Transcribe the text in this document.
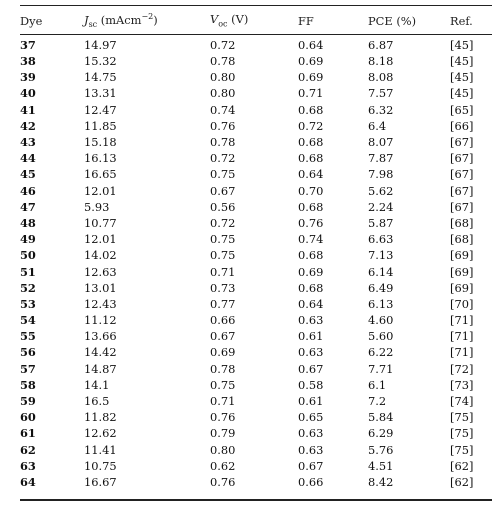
Dye	$J_{sc}$ (mAcm$^{-2}$)	$V_{oc}$ (V)	FF	PCE (%)	Ref.
37	14.97	0.72	0.64	6.87	[45]
38	15.32	0.78	0.69	8.18	[45]
39	14.75	0.80	0.69	8.08	[45]
40	13.31	0.80	0.71	7.57	[45]
41	12.47	0.74	0.68	6.32	[65]
42	11.85	0.76	0.72	6.4	[66]
43	15.18	0.78	0.68	8.07	[67]
44	16.13	0.72	0.68	7.87	[67]
45	16.65	0.75	0.64	7.98	[67]
46	12.01	0.67	0.70	5.62	[67]
47	5.93	0.56	0.68	2.24	[67]
48	10.77	0.72	0.76	5.87	[68]
49	12.01	0.75	0.74	6.63	[68]
50	14.02	0.75	0.68	7.13	[69]
51	12.63	0.71	0.69	6.14	[69]
52	13.01	0.73	0.68	6.49	[69]
53	12.43	0.77	0.64	6.13	[70]
54	11.12	0.66	0.63	4.60	[71]
55	13.66	0.67	0.61	5.60	[71]
56	14.42	0.69	0.63	6.22	[71]
57	14.87	0.78	0.67	7.71	[72]
58	14.1	0.75	0.58	6.1	[73]
59	16.5	0.71	0.61	7.2	[74]
60	11.82	0.76	0.65	5.84	[75]
61	12.62	0.79	0.63	6.29	[75]
62	11.41	0.80	0.63	5.76	[75]
63	10.75	0.62	0.67	4.51	[62]
64	16.67	0.76	0.66	8.42	[62]
